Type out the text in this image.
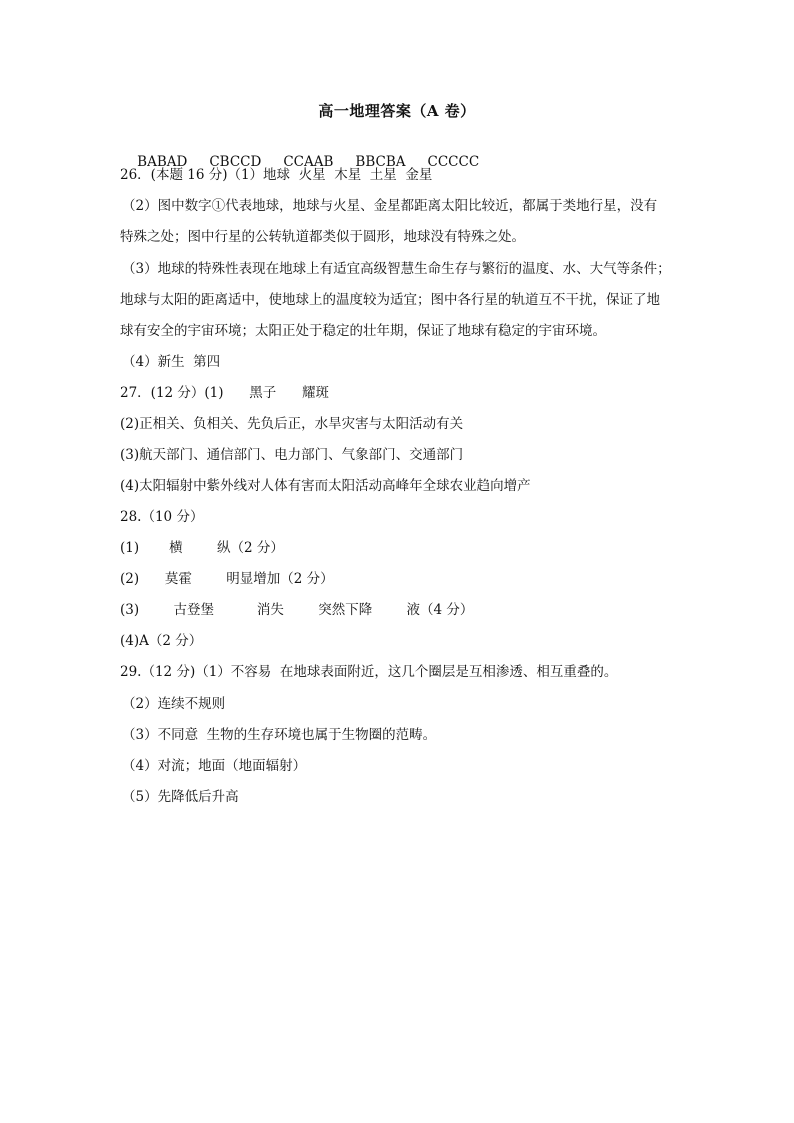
高一地理答案（A 卷）

BABAD CBCCD CCAAB BBCBA CCCCC

26．(本题 16 分)（1）地球  火星  木星  土星  金星
（2）图中数字①代表地球，地球与火星、金星都距离太阳比较近，都属于类地行星，没有
特殊之处；图中行星的公转轨道都类似于圆形，地球没有特殊之处。
（3）地球的特殊性表现在地球上有适宜高级智慧生命生存与繁衍的温度、水、大气等条件；
地球与太阳的距离适中，使地球上的温度较为适宜；图中各行星的轨道互不干扰，保证了地
球有安全的宇宙环境；太阳正处于稳定的壮年期，保证了地球有稳定的宇宙环境。
（4）新生  第四
27．(12 分）(1)      黑子      耀斑
(2)正相关、负相关、先负后正，水旱灾害与太阳活动有关
(3)航天部门、通信部门、电力部门、气象部门、交通部门
(4)太阳辐射中紫外线对人体有害而太阳活动高峰年全球农业趋向增产
28.（10 分）
(1)       横        纵（2 分）
(2)      莫霍        明显增加（2 分）
(3)        古登堡          消失        突然下降        液（4 分）
(4)A（2 分）
29.（12 分)（1）不容易  在地球表面附近，这几个圈层是互相渗透、相互重叠的。
（2）连续不规则
（3）不同意  生物的生存环境也属于生物圈的范畴。
（4）对流；地面（地面辐射）
（5）先降低后升高
